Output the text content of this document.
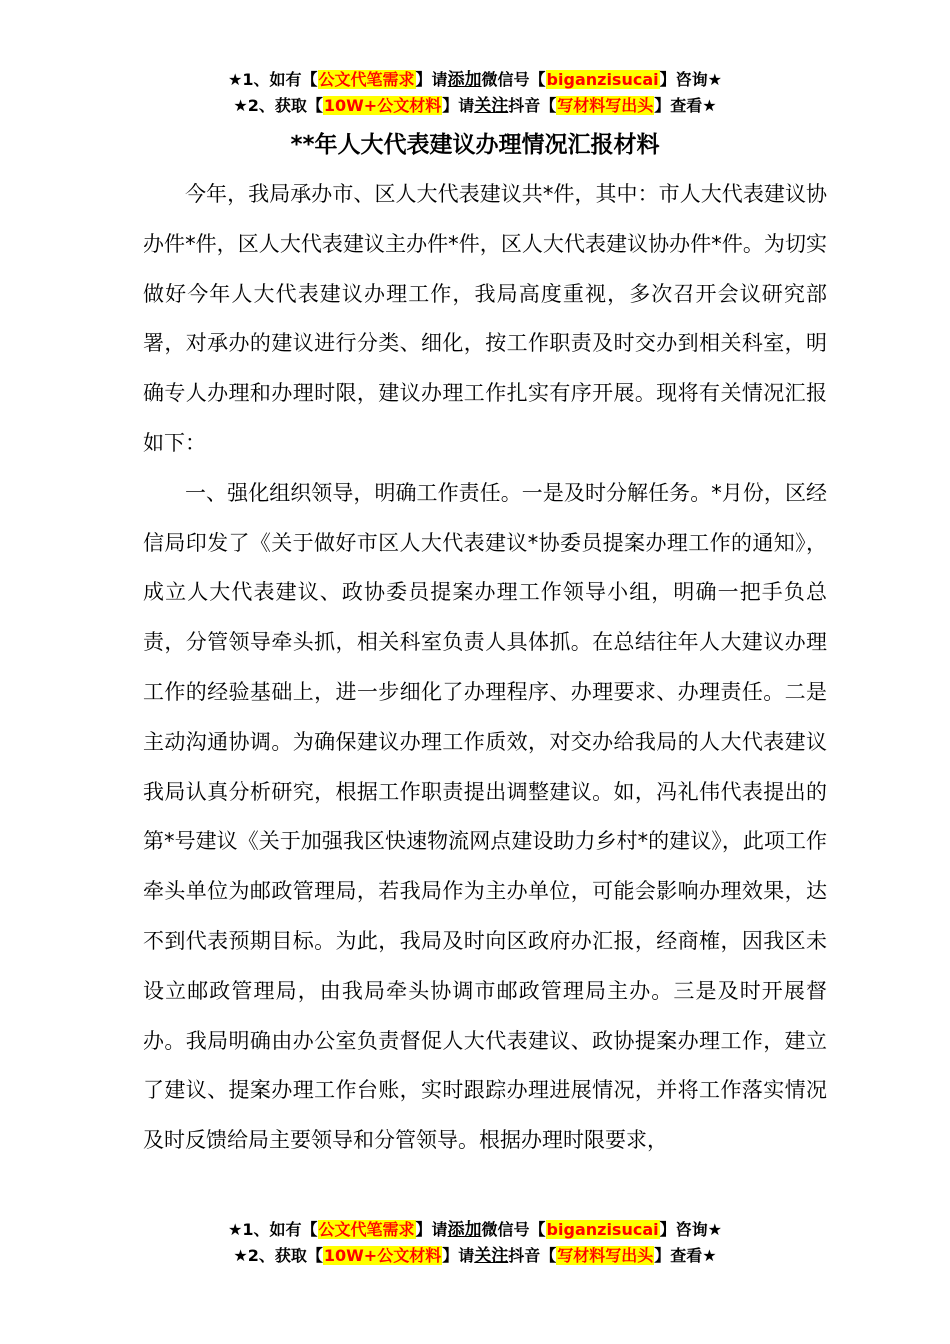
★1、如有【公文代笔需求】请添加微信号【biganzisucai】咨询★
★2、获取【10W+公文材料】请关注抖音【写材料写出头】查看★
**年人大代表建议办理情况汇报材料

今年，我局承办市、区人大代表建议共*件，其中：市人大代表建议协办件*件，区人大代表建议主办件*件，区人大代表建议协办件*件。为切实做好今年人大代表建议办理工作，我局高度重视，多次召开会议研究部署，对承办的建议进行分类、细化，按工作职责及时交办到相关科室，明确专人办理和办理时限，建议办理工作扎实有序开展。现将有关情况汇报如下：

一、强化组织领导，明确工作责任。一是及时分解任务。*月份，区经信局印发了《关于做好市区人大代表建议*协委员提案办理工作的通知》，成立人大代表建议、政协委员提案办理工作领导小组，明确一把手负总责，分管领导牵头抓，相关科室负责人具体抓。在总结往年人大建议办理工作的经验基础上，进一步细化了办理程序、办理要求、办理责任。二是主动沟通协调。为确保建议办理工作质效，对交办给我局的人大代表建议我局认真分析研究，根据工作职责提出调整建议。如，冯礼伟代表提出的第*号建议《关于加强我区快速物流网点建设助力乡村*的建议》，此项工作牵头单位为邮政管理局，若我局作为主办单位，可能会影响办理效果，达不到代表预期目标。为此，我局及时向区政府办汇报，经商榷，因我区未设立邮政管理局，由我局牵头协调市邮政管理局主办。三是及时开展督办。我局明确由办公室负责督促人大代表建议、政协提案办理工作，建立了建议、提案办理工作台账，实时跟踪办理进展情况，并将工作落实情况及时反馈给局主要领导和分管领导。根据办理时限要求，

★1、如有【公文代笔需求】请添加微信号【biganzisucai】咨询★
★2、获取【10W+公文材料】请关注抖音【写材料写出头】查看★
